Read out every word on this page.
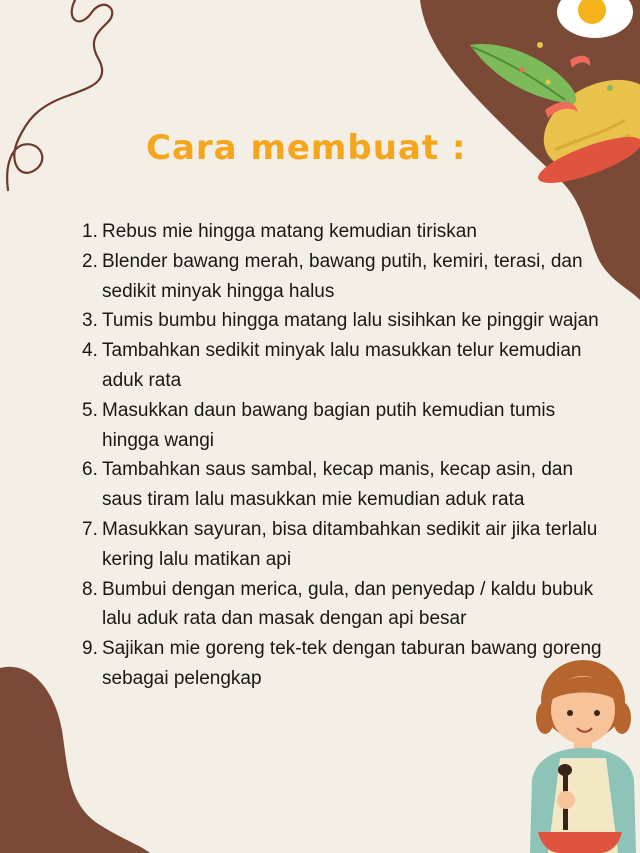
Cara membuat :
1. Rebus mie hingga matang kemudian tiriskan
2. Blender bawang merah, bawang putih, kemiri, terasi, dan sedikit minyak hingga halus
3. Tumis bumbu hingga matang lalu sisihkan ke pinggir wajan
4. Tambahkan sedikit minyak lalu masukkan telur kemudian aduk rata
5. Masukkan daun bawang bagian putih kemudian tumis hingga wangi
6. Tambahkan saus sambal, kecap manis, kecap asin, dan saus tiram lalu masukkan mie kemudian aduk rata
7. Masukkan sayuran, bisa ditambahkan sedikit air jika terlalu kering lalu matikan api
8. Bumbui dengan merica, gula, dan penyedap / kaldu bubuk lalu aduk rata dan masak dengan api besar
9. Sajikan mie goreng tek-tek dengan taburan bawang goreng sebagai pelengkap
